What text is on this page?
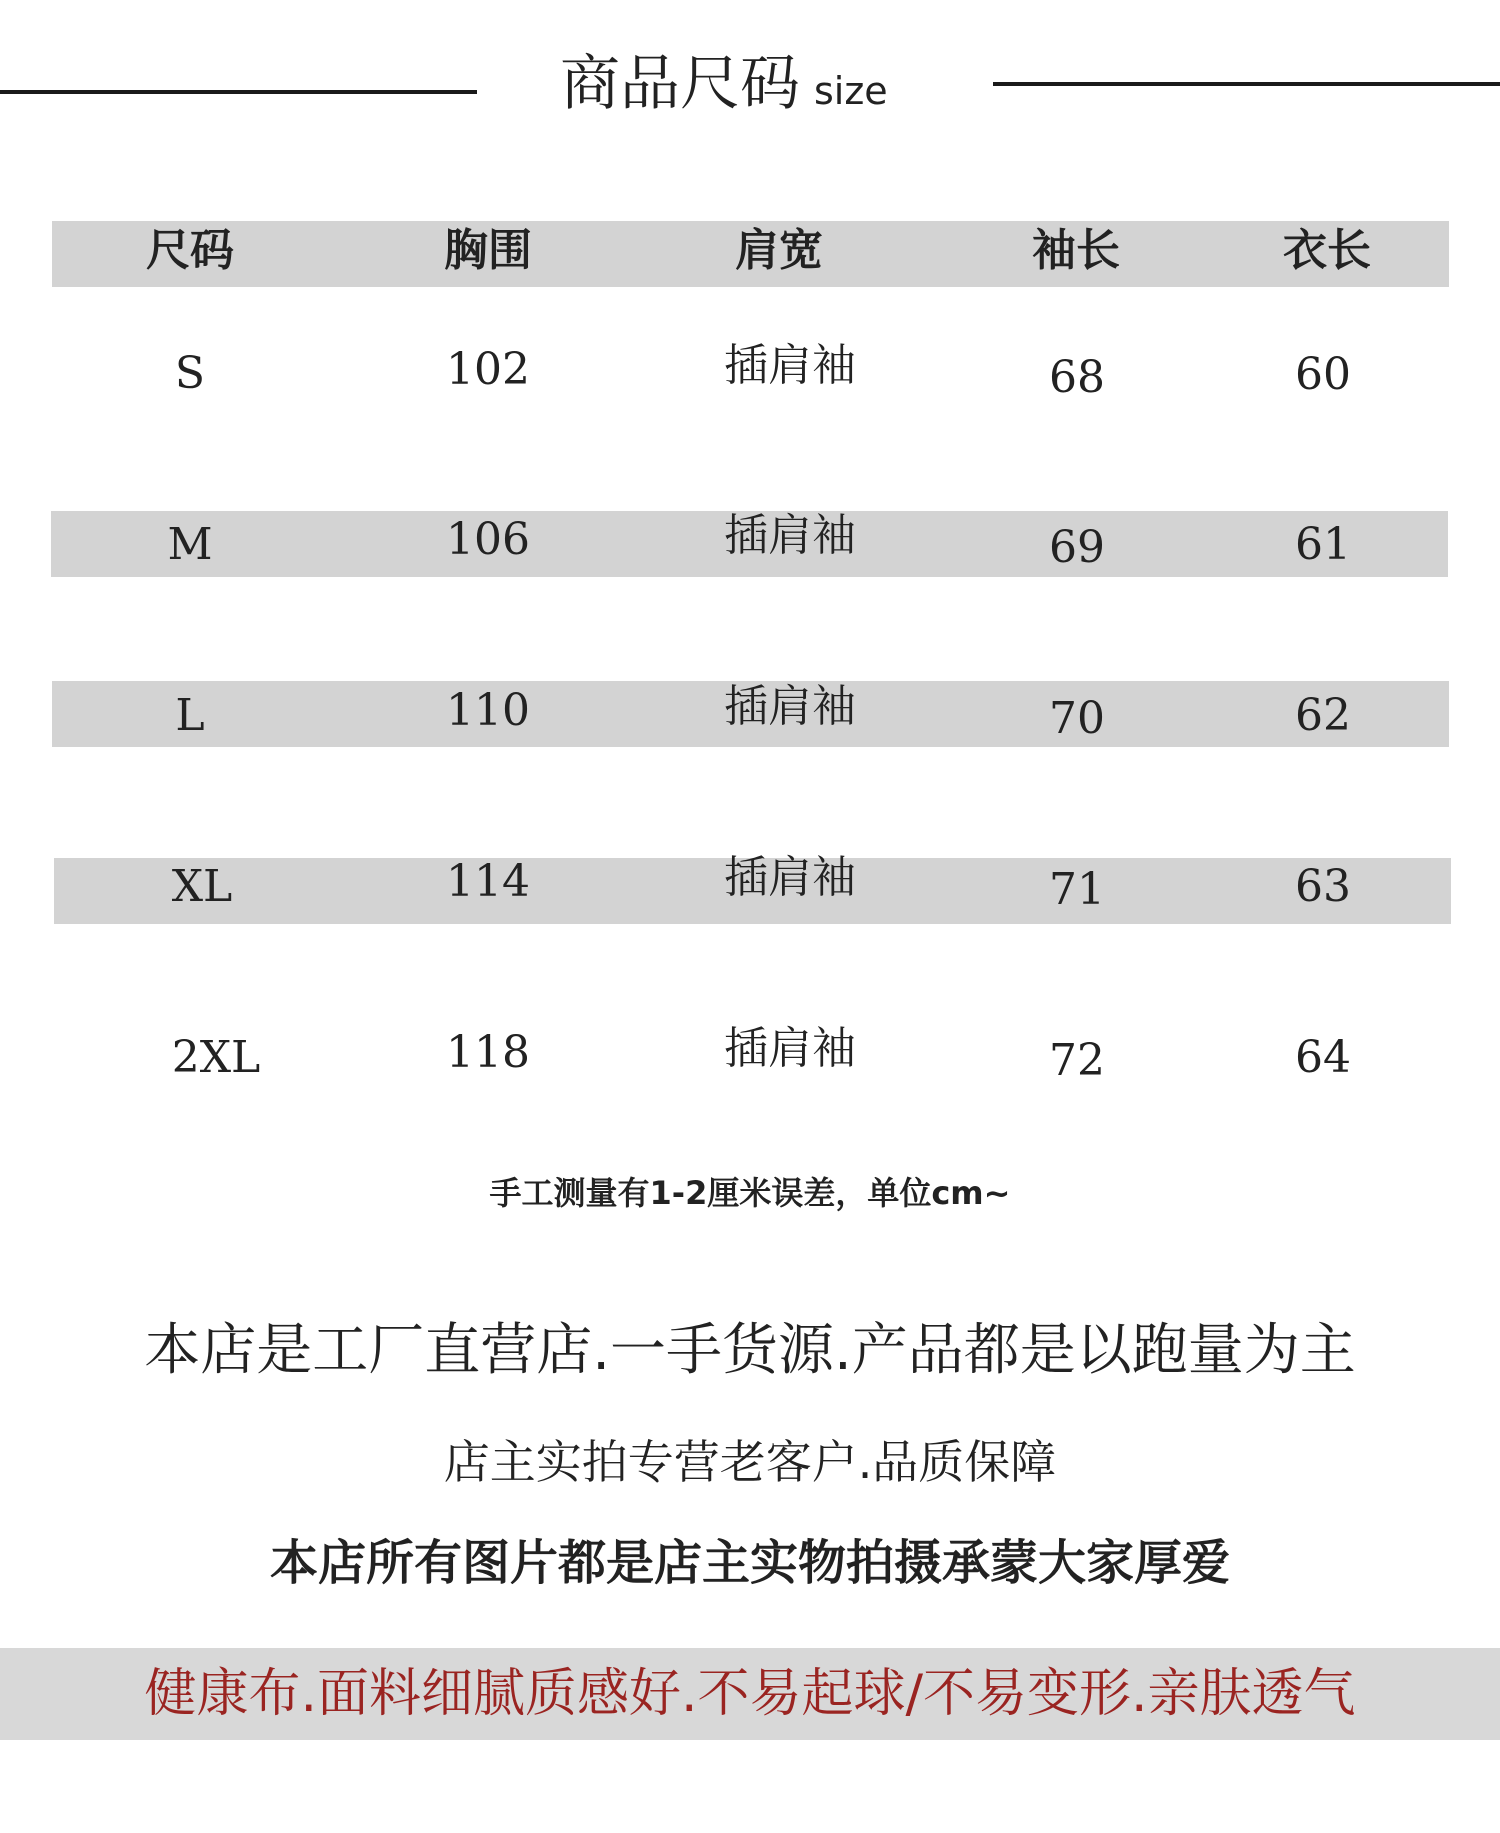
商品尺码 size
尺码	胸围	肩宽	袖长	衣长
S	102	插肩袖	68	60
M	106	插肩袖	69	61
L	110	插肩袖	70	62
XL	114	插肩袖	71	63
2XL	118	插肩袖	72	64
手工测量有1-2厘米误差，单位cm~
本店是工厂直营店.一手货源.产品都是以跑量为主
店主实拍专营老客户.品质保障
本店所有图片都是店主实物拍摄承蒙大家厚爱
健康布.面料细腻质感好.不易起球/不易变形.亲肤透气
